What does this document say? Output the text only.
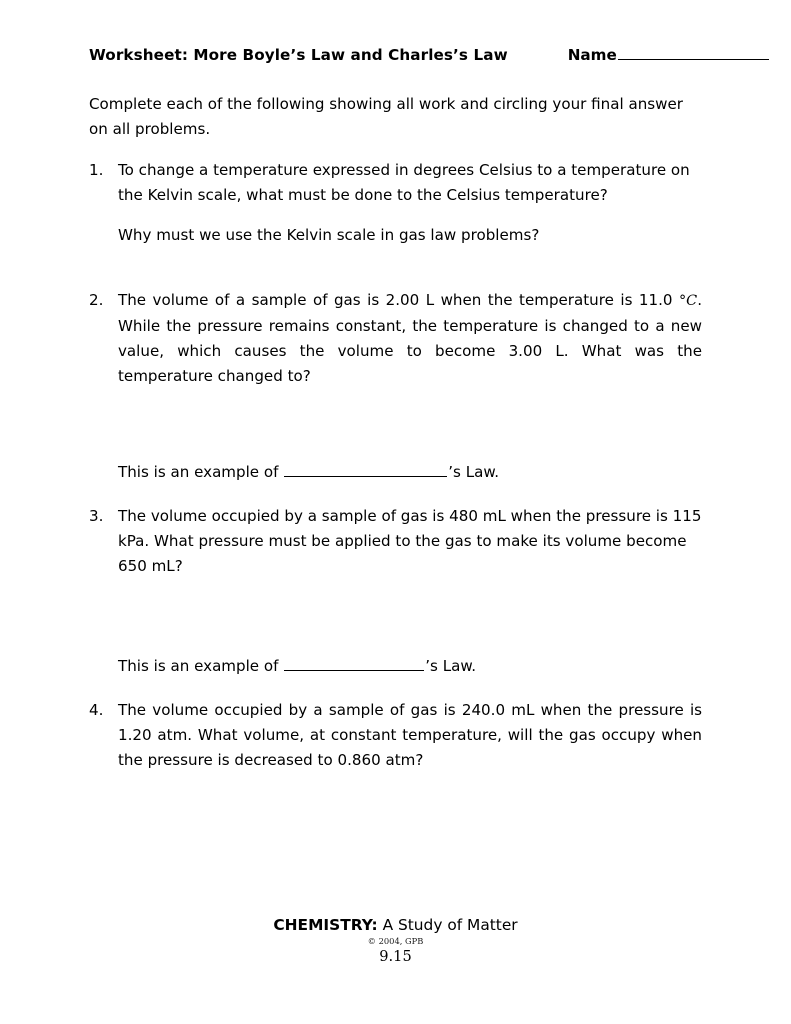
Worksheet: More Boyle’s Law and Charles’s Law	Name
Complete each of the following showing all work and circling your final answer on all problems.
1. To change a temperature expressed in degrees Celsius to a temperature on the Kelvin scale, what must be done to the Celsius temperature?
Why must we use the Kelvin scale in gas law problems?
2. The volume of a sample of gas is 2.00 L when the temperature is 11.0 °C. While the pressure remains constant, the temperature is changed to a new value, which causes the volume to become 3.00 L. What was the temperature changed to?
This is an example of	’s Law.
3. The volume occupied by a sample of gas is 480 mL when the pressure is 115 kPa. What pressure must be applied to the gas to make its volume become 650 mL?
This is an example of	’s Law.
4. The volume occupied by a sample of gas is 240.0 mL when the pressure is 1.20 atm. What volume, at constant temperature, will the gas occupy when the pressure is decreased to 0.860 atm?
CHEMISTRY: A Study of Matter
© 2004, GPB
9.15
